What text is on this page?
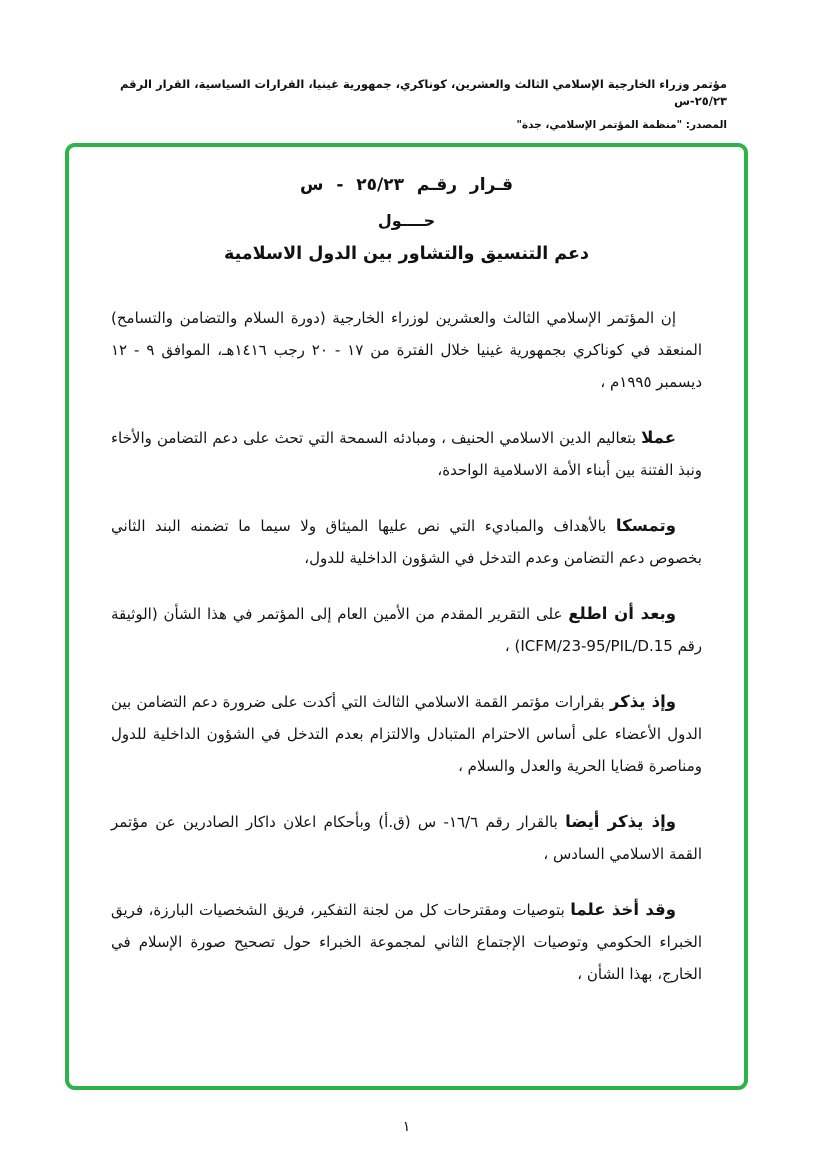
مؤتمر وزراء الخارجية الإسلامي الثالث والعشرين، كوناكري، جمهورية غينيا، القرارات السياسية، القرار الرقم ٢٥/٢٣-س
المصدر: "منظمة المؤتمر الإسلامي، جدة"
قـرار رقـم ٢٥/٢٣ - س
حــــول
دعم التنسيق والتشاور بين الدول الاسلامية

إن المؤتمر الإسلامي الثالث والعشرين لوزراء الخارجية (دورة السلام والتضامن والتسامح) المنعقد في كوناكري بجمهورية غينيا خلال الفترة من ١٧ - ٢٠ رجب ١٤١٦هـ، الموافق ٩ - ١٢ ديسمبر ١٩٩٥م ،

عملا بتعاليم الدين الاسلامي الحنيف ، ومبادئه السمحة التي تحث على دعم التضامن والأخاء ونبذ الفتنة بين أبناء الأمة الاسلامية الواحدة،

وتمسكا بالأهداف والمباديء التي نص عليها الميثاق ولا سيما ما تضمنه البند الثاني بخصوص دعم التضامن وعدم التدخل في الشؤون الداخلية للدول،

وبعد أن اطلع على التقرير المقدم من الأمين العام إلى المؤتمر في هذا الشأن (الوثيقة رقم ICFM/23-95/PIL/D.15) ،

وإذ يذكر بقرارات مؤتمر القمة الاسلامي الثالث التي أكدت على ضرورة دعم التضامن بين الدول الأعضاء على أساس الاحترام المتبادل والالتزام بعدم التدخل في الشؤون الداخلية للدول ومناصرة قضايا الحرية والعدل والسلام ،

وإذ يذكر أيضا بالقرار رقم ١٦/٦- س (ق.أ) وبأحكام اعلان داكار الصادرين عن مؤتمر القمة الاسلامي السادس ،

وقد أخذ علما بتوصيات ومقترحات كل من لجنة التفكير، فريق الشخصيات البارزة، فريق الخبراء الحكومي وتوصيات الإجتماع الثاني لمجموعة الخبراء حول تصحيح صورة الإسلام في الخارج، بهذا الشأن ،

١
